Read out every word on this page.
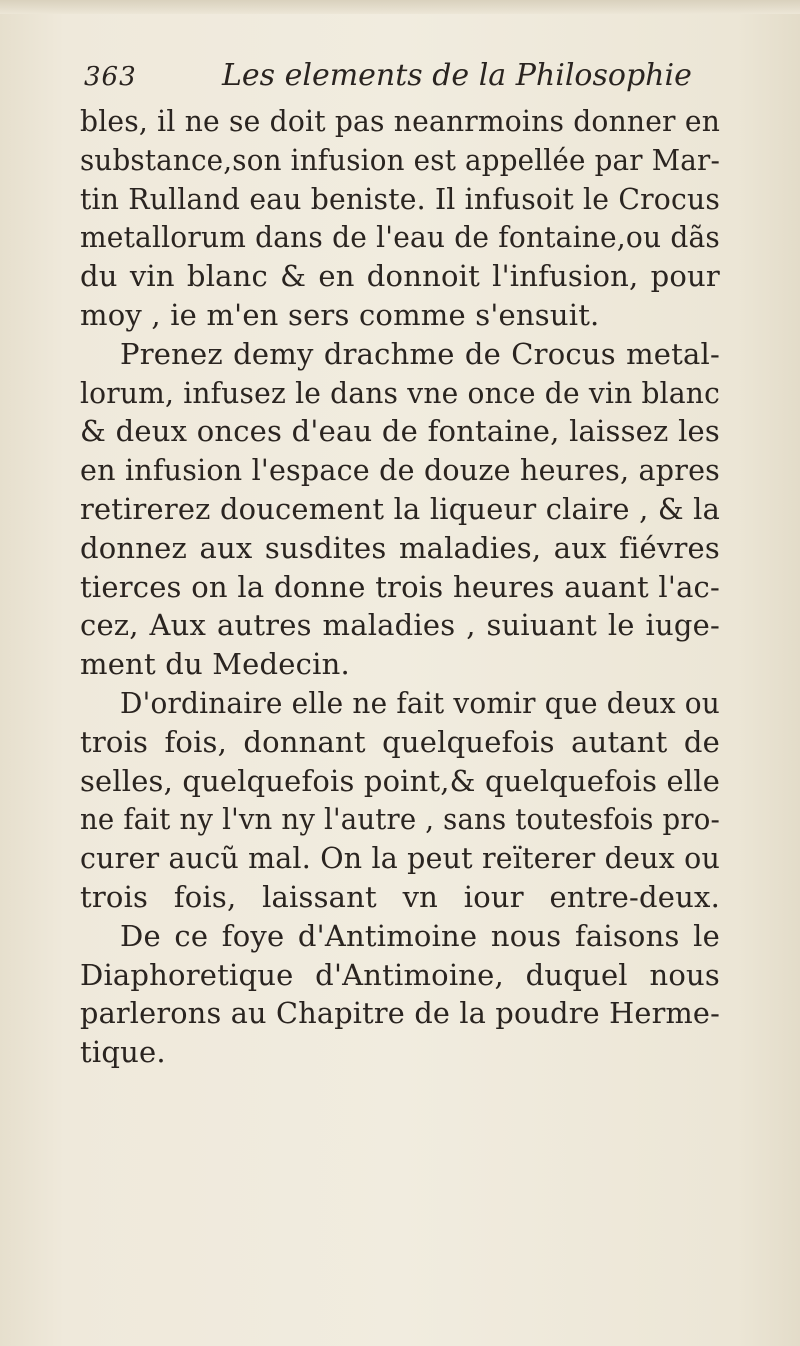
363	Les elements de la Philosophie
bles, il ne se doit pas neanrmoins donner en
substance,son infusion est appellée par Mar-
tin Rulland eau beniste. Il infusoit le Crocus
metallorum dans de l'eau de fontaine,ou dãs
du vin blanc & en donnoit l'infusion, pour
moy , ie m'en sers comme s'ensuit.
Prenez demy drachme de Crocus metal-
lorum, infusez le dans vne once de vin blanc
& deux onces d'eau de fontaine, laissez les
en infusion l'espace de douze heures, apres
retirerez doucement la liqueur claire , & la
donnez aux susdites maladies, aux fiévres
tierces on la donne trois heures auant l'ac-
cez, Aux autres maladies , suiuant le iuge-
ment du Medecin.
D'ordinaire elle ne fait vomir que deux ou
trois fois, donnant quelquefois autant de
selles, quelquefois point,& quelquefois elle
ne fait ny l'vn ny l'autre , sans toutesfois pro-
curer aucũ mal. On la peut reïterer deux ou
trois fois, laissant vn iour entre-deux.
De ce foye d'Antimoine nous faisons le
Diaphoretique d'Antimoine, duquel nous
parlerons au Chapitre de la poudre Herme-
tique.
